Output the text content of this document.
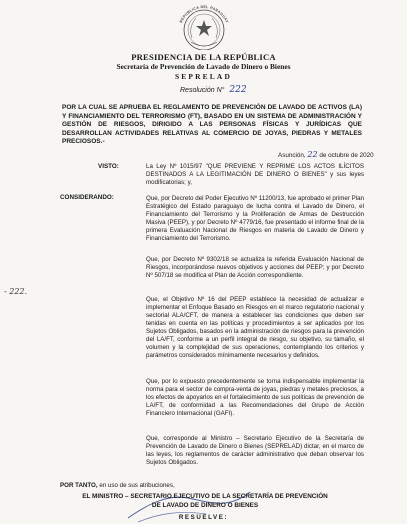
REPÚBLICA DEL PARAGUAY
PRESIDENCIA DE LA REPÚBLICA
Secretaría de Prevención de Lavado de Dinero o Bienes
SEPRELAD
Resolución N° 222
POR LA CUAL SE APRUEBA EL REGLAMENTO DE PREVENCIÓN DE LAVADO DE ACTIVOS (LA) Y FINANCIAMIENTO DEL TERRORISMO (FT), BASADO EN UN SISTEMA DE ADMINISTRACIÓN Y GESTIÓN DE RIESGOS, DIRIGIDO A LAS PERSONAS FÍSICAS Y JURÍDICAS QUE DESARROLLAN ACTIVIDADES RELATIVAS AL COMERCIO DE JOYAS, PIEDRAS Y METALES PRECIOSOS.-
Asunción, 22 de octubre de 2020
VISTO:	La Ley Nº 1015/97 "QUE PREVIENE Y REPRIME LOS ACTOS ILÍCITOS DESTINADOS A LA LEGITIMACIÓN DE DINERO O BIENES" y sus leyes modificatorias; y,
CONSIDERANDO:	Que, por Decreto del Poder Ejecutivo Nº 11200/13, fue aprobado el primer Plan Estratégico del Estado paraguayo de lucha contra el Lavado de Dinero, el Financiamiento del Terrorismo y la Proliferación de Armas de Destrucción Masiva (PEEP), y por Decreto Nº 4779/16, fue presentado el informe final de la primera Evaluación Nacional de Riesgos en materia de Lavado de Dinero y Financiamiento del Terrorismo.
Que, por Decreto Nº 9302/18 se actualiza la referida Evaluación Nacional de Riesgos, incorporándose nuevos objetivos y acciones del PEEP; y por Decreto Nº 507/18 se modifica el Plan de Acción correspondiente.
Que, el Objetivo Nº 16 del PEEP establece la necesidad de actualizar e implementar el Enfoque Basado en Riesgos en el marco regulatorio nacional y sectorial ALA/CFT, de manera a establecer las condiciones que deben ser tenidas en cuenta en las políticas y procedimientos a ser aplicados por los Sujetos Obligados, basados en la administración de riesgos para la prevención del LA/FT, conforme a un perfil integral de riesgo, su objetivo, su tamaño, el volumen y la complejidad de sus operaciones, contemplando los criterios y parámetros considerados mínimamente necesarios y definidos.
Que, por lo expuesto precedentemente se torna indispensable implementar la norma para el sector de compra-venta de joyas, piedras y metales preciosos, a los efectos de apoyarlos en el fortalecimiento de sus políticas de prevención de LA/FT, de conformidad a las Recomendaciones del Grupo de Acción Financiero Internacional (GAFI).
Que, corresponde al Ministro – Secretario Ejecutivo de la Secretaría de Prevención de Lavado de Dinero o Bienes (SEPRELAD) dictar, en el marco de las leyes, los reglamentos de carácter administrativo que deban observar los Sujetos Obligados.
- 222.
POR TANTO, en uso de sus atribuciones,
EL MINISTRO – SECRETARIO EJECUTIVO DE LA SECRETARÍA DE PREVENCIÓN
DE LAVADO DE DINERO O BIENES
RESUELVE:
